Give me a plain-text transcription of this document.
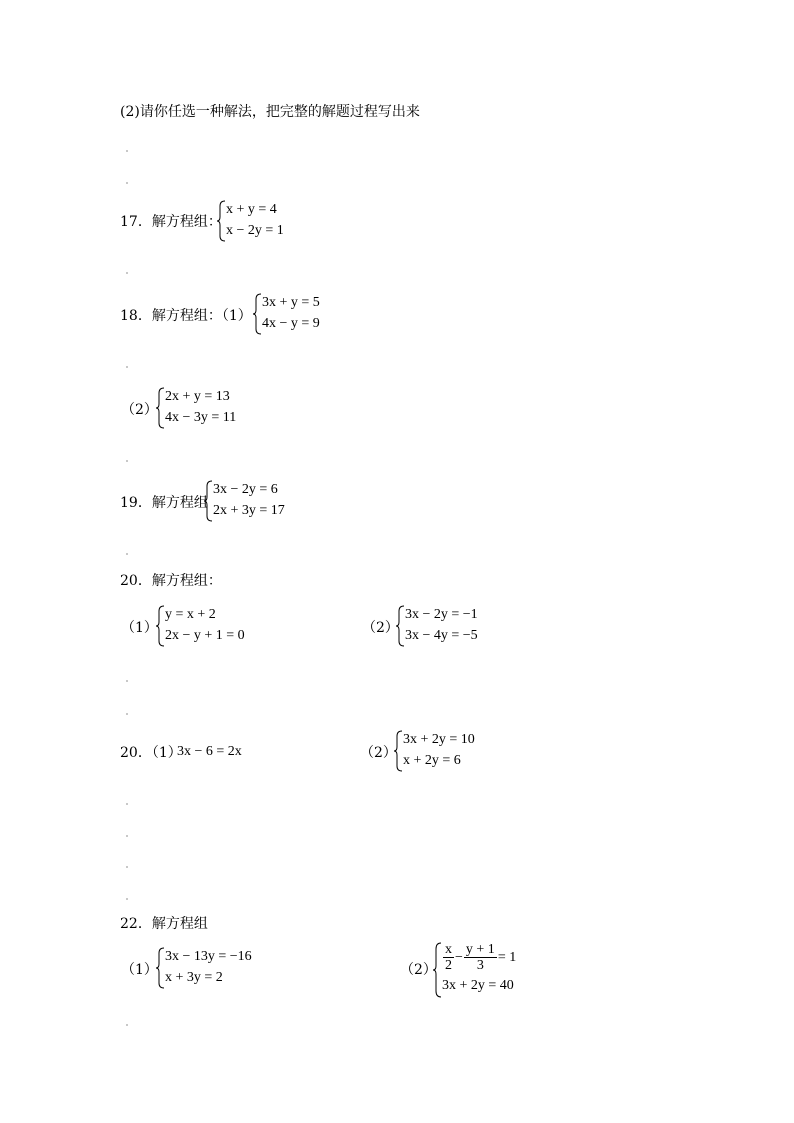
(2)请你任选一种解法，把完整的解题过程写出来
17．解方程组：
x + y = 4
x − 2y = 1
18．解方程组：（1）
3x + y = 5
4x − y = 9
（2）
2x + y = 13
4x − 3y = 11
19．解方程组
3x − 2y = 6
2x + 3y = 17
20．解方程组：
（1）
y = x + 2
2x − y + 1 = 0	（2）
3x − 2y = −1
3x − 4y = −5
20．（1）
3x − 6 = 2x	（2）
3x + 2y = 10
x + 2y = 6
22．解方程组
（1）
3x − 13y = −16
x + 3y = 2	$(2) \frac{x}{2} - \frac{y + 1}{3} = 1$
3x + 2y = 40
